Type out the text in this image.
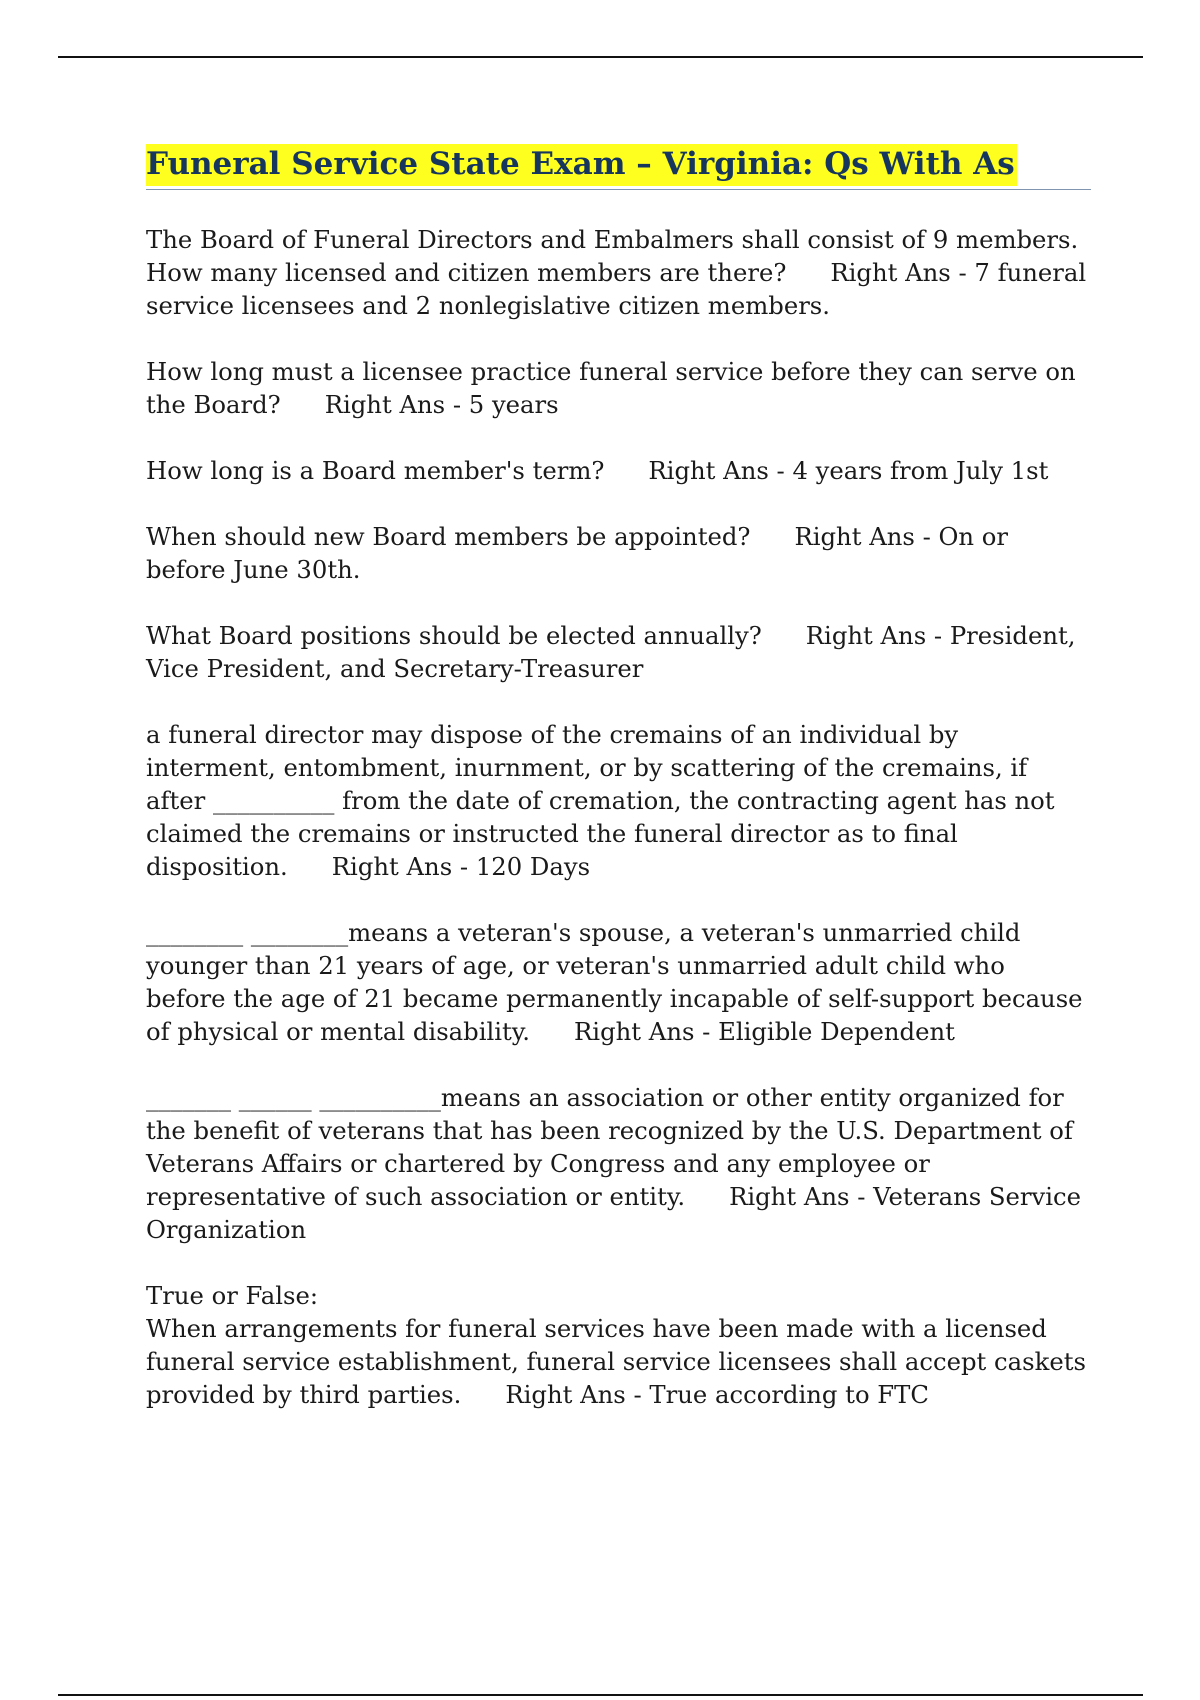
Funeral Service State Exam – Virginia: Qs With As

The Board of Funeral Directors and Embalmers shall consist of 9 members. How many licensed and citizen members are there? Right Ans - 7 funeral service licensees and 2 nonlegislative citizen members.

How long must a licensee practice funeral service before they can serve on the Board? Right Ans - 5 years

How long is a Board member's term? Right Ans - 4 years from July 1st

When should new Board members be appointed? Right Ans - On or before June 30th.

What Board positions should be elected annually? Right Ans - President, Vice President, and Secretary-Treasurer

a funeral director may dispose of the cremains of an individual by interment, entombment, inurnment, or by scattering of the cremains, if after __________ from the date of cremation, the contracting agent has not claimed the cremains or instructed the funeral director as to final disposition. Right Ans - 120 Days

________ ________means a veteran's spouse, a veteran's unmarried child younger than 21 years of age, or veteran's unmarried adult child who before the age of 21 became permanently incapable of self-support because of physical or mental disability. Right Ans - Eligible Dependent

_______ ______ __________means an association or other entity organized for the benefit of veterans that has been recognized by the U.S. Department of Veterans Affairs or chartered by Congress and any employee or representative of such association or entity. Right Ans - Veterans Service Organization

True or False:
When arrangements for funeral services have been made with a licensed funeral service establishment, funeral service licensees shall accept caskets provided by third parties. Right Ans - True according to FTC
